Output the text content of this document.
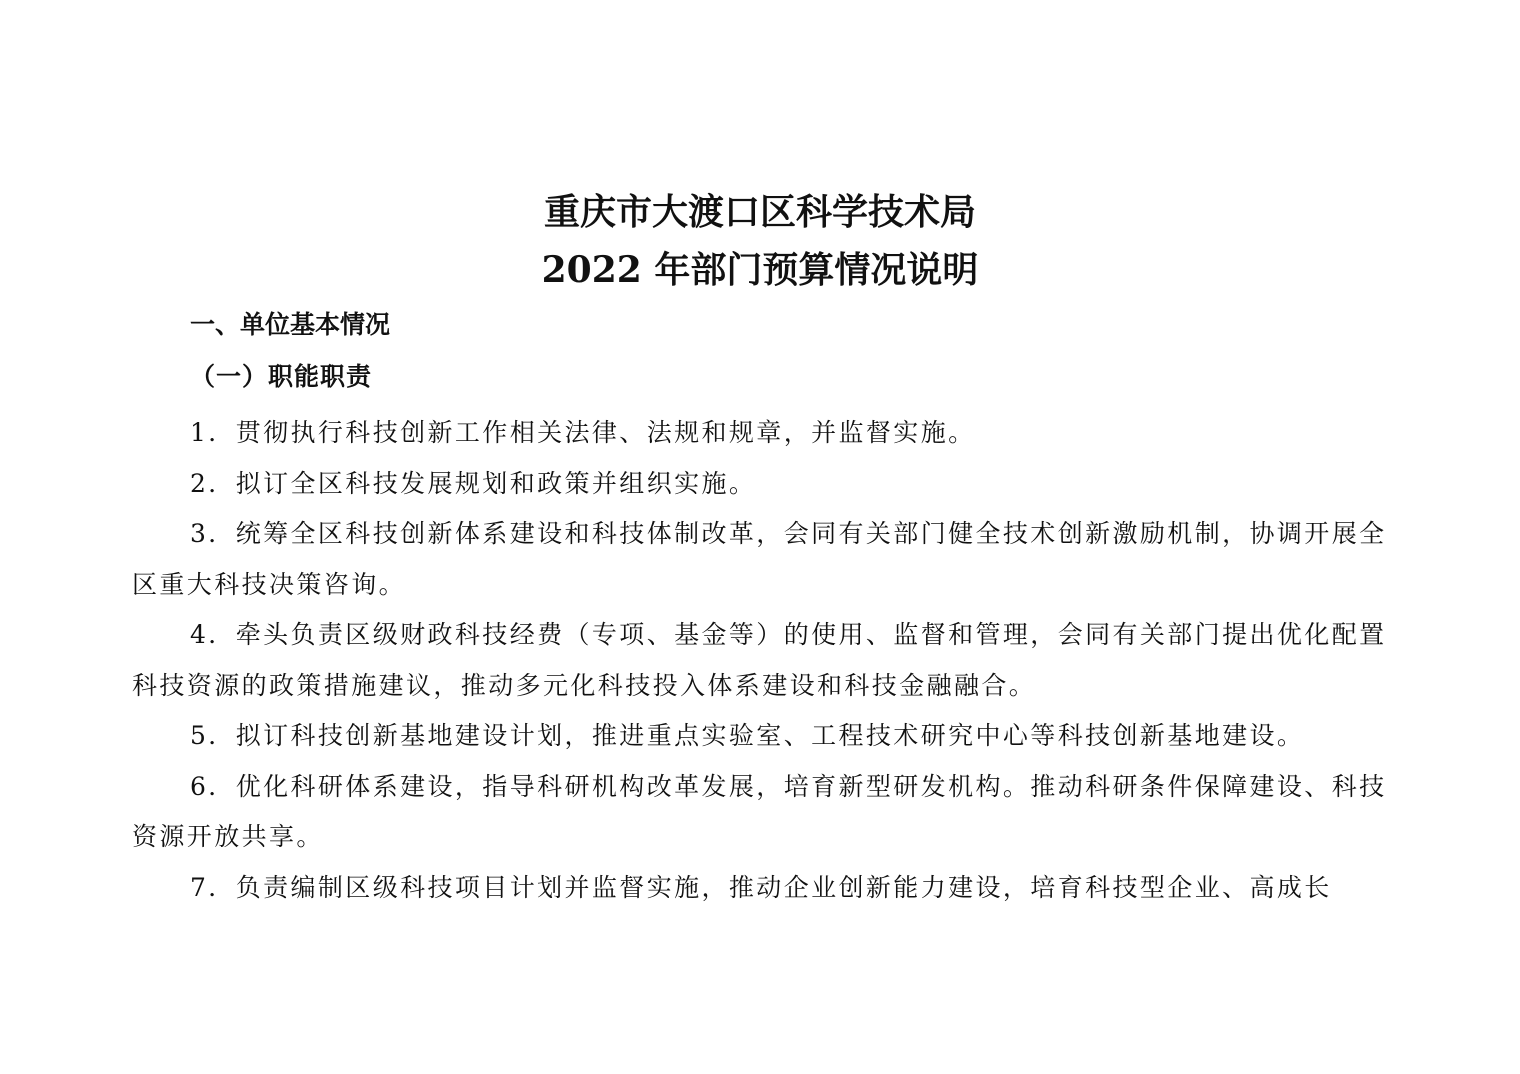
重庆市大渡口区科学技术局
2022 年部门预算情况说明
一、单位基本情况
（一）职能职责
1．贯彻执行科技创新工作相关法律、法规和规章，并监督实施。
2．拟订全区科技发展规划和政策并组织实施。
3．统筹全区科技创新体系建设和科技体制改革，会同有关部门健全技术创新激励机制，协调开展全区重大科技决策咨询。
4．牵头负责区级财政科技经费（专项、基金等）的使用、监督和管理，会同有关部门提出优化配置科技资源的政策措施建议，推动多元化科技投入体系建设和科技金融融合。
5．拟订科技创新基地建设计划，推进重点实验室、工程技术研究中心等科技创新基地建设。
6．优化科研体系建设，指导科研机构改革发展，培育新型研发机构。推动科研条件保障建设、科技资源开放共享。
7．负责编制区级科技项目计划并监督实施，推动企业创新能力建设，培育科技型企业、高成长
